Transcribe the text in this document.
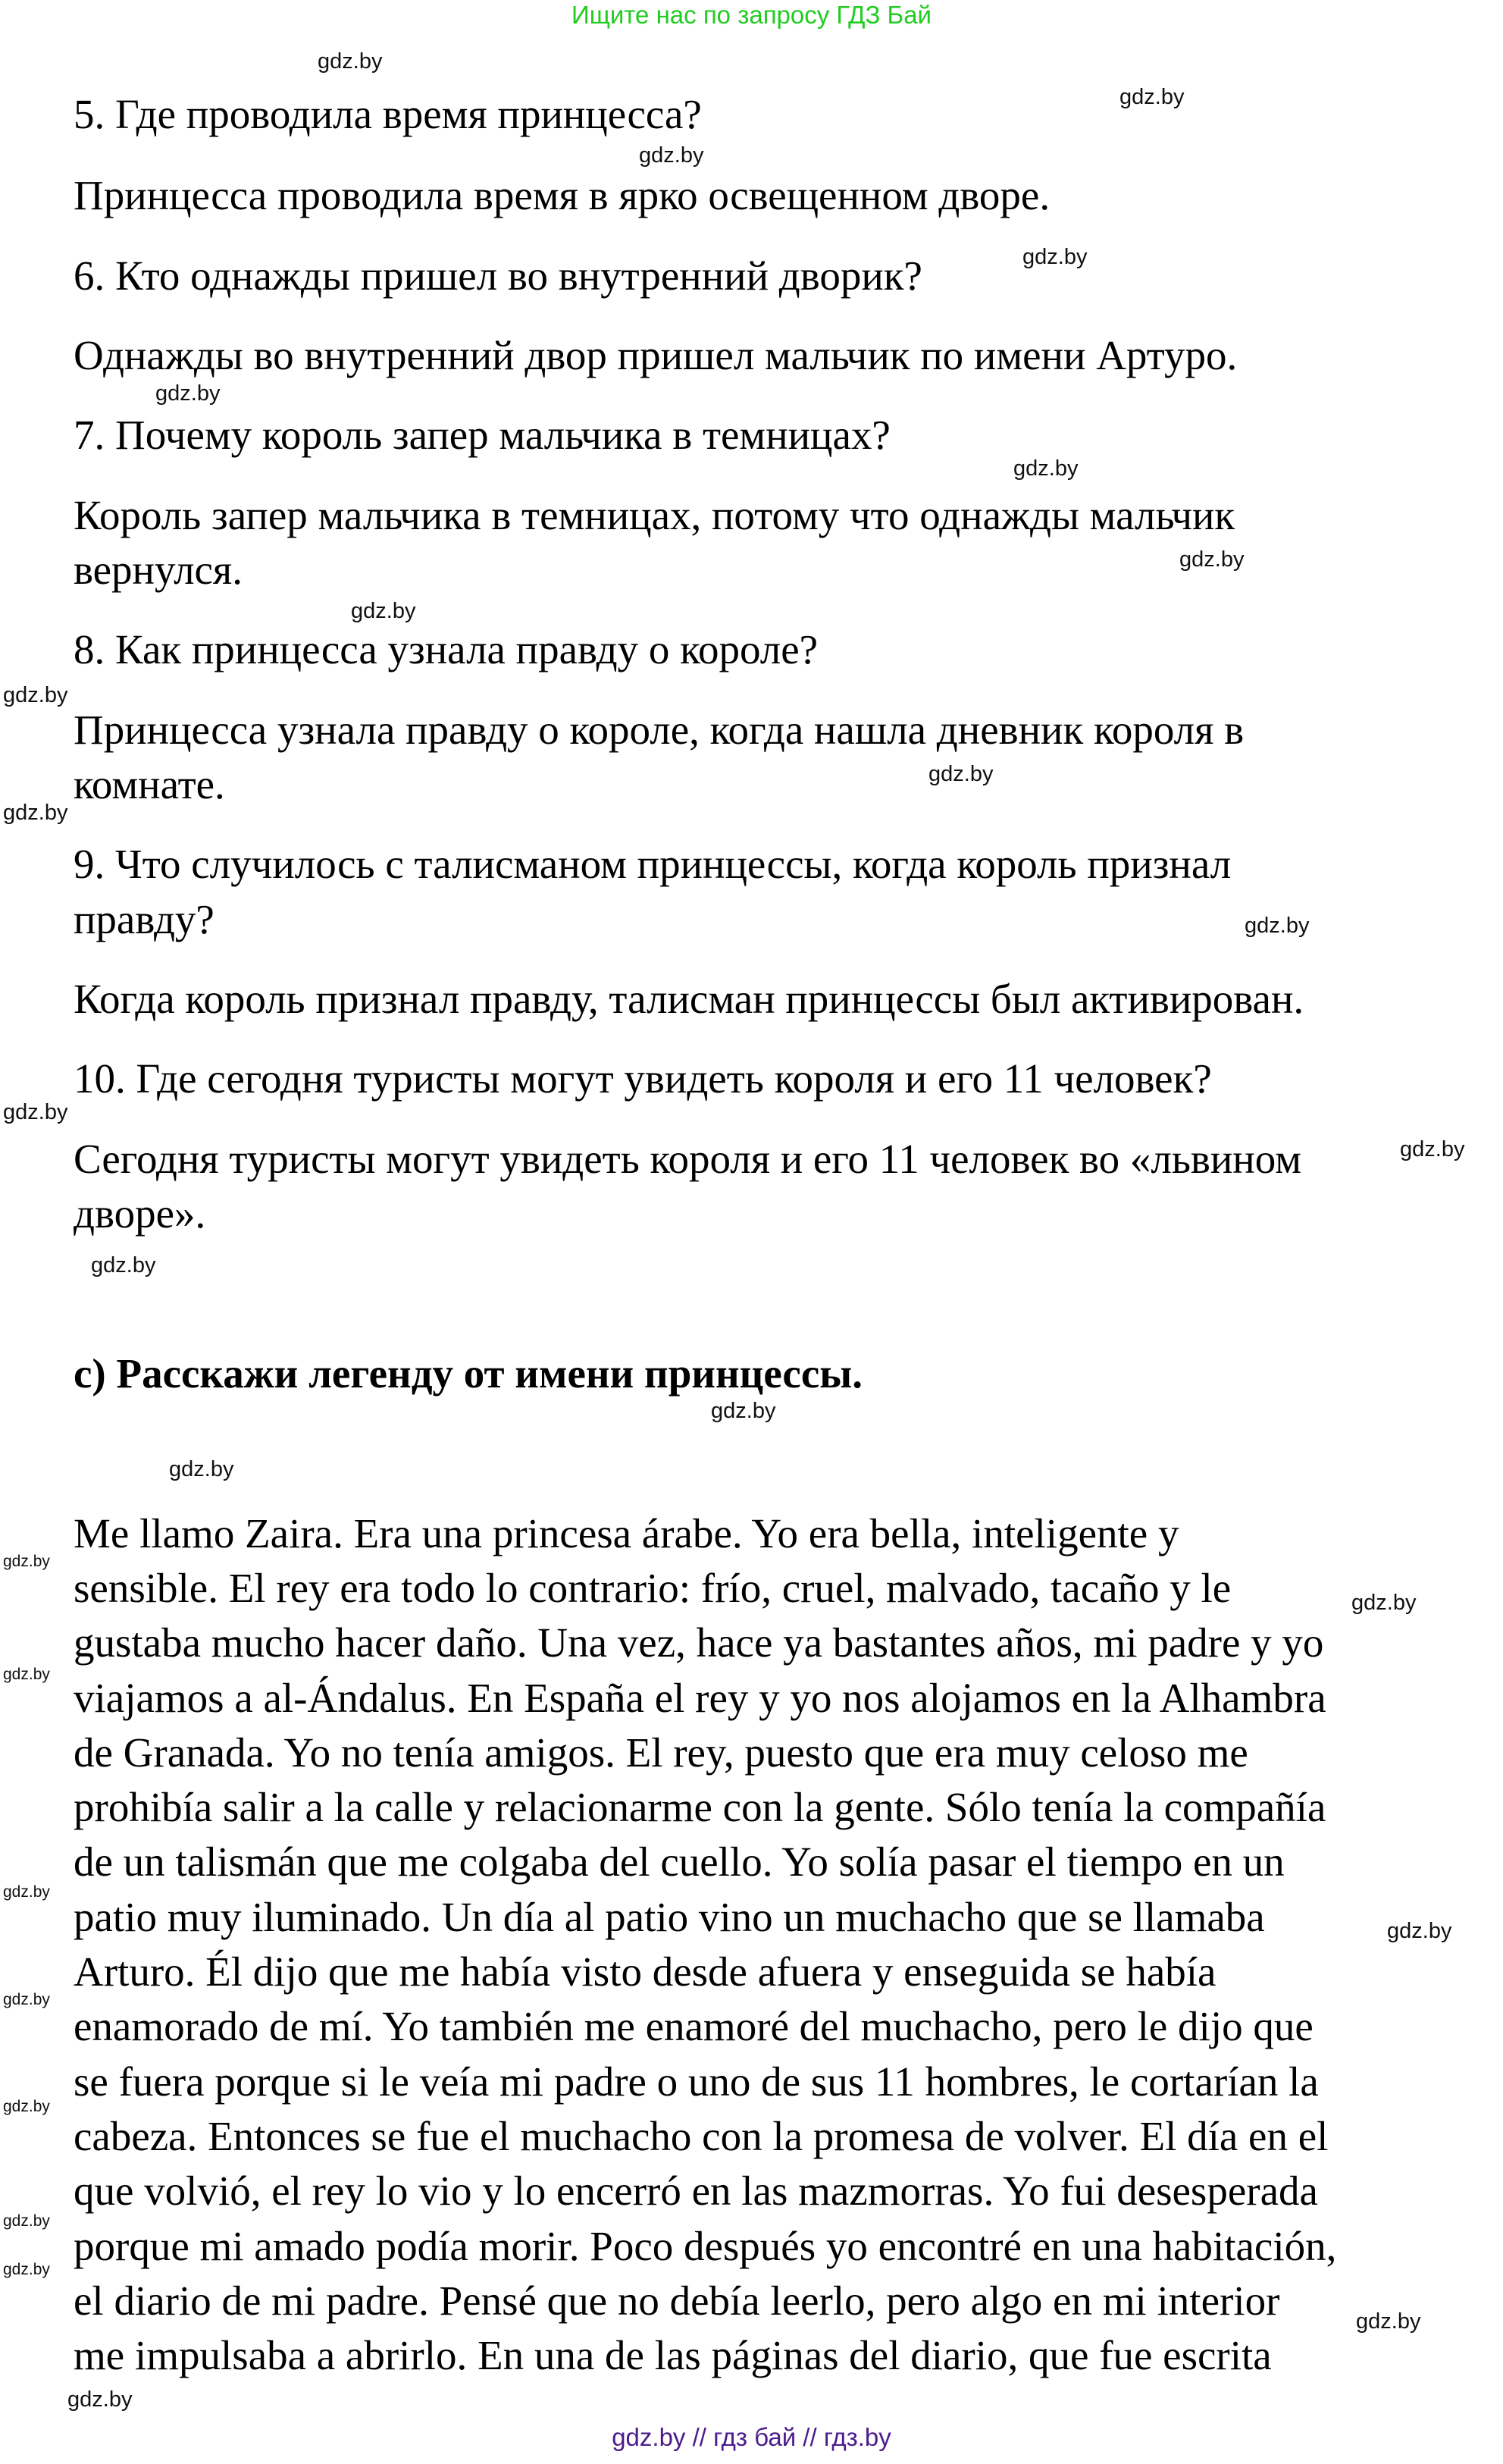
Ищите нас по запросу ГДЗ Бай
5. Где проводила время принцесса?
Принцесса проводила время в ярко освещенном дворе.
6. Кто однажды пришел во внутренний дворик?
Однажды во внутренний двор пришел мальчик по имени Артуро.
7. Почему король запер мальчика в темницах?
Король запер мальчика в темницах, потому что однажды мальчик
вернулся.
8. Как принцесса узнала правду о короле?
Принцесса узнала правду о короле, когда нашла дневник короля в
комнате.
9. Что случилось с талисманом принцессы, когда король признал
правду?
Когда король признал правду, талисман принцессы был активирован.
10. Где сегодня туристы могут увидеть короля и его 11 человек?
Сегодня туристы могут увидеть короля и его 11 человек во «львином
дворе».
c) Расскажи легенду от имени принцессы.
Me llamo Zaira. Era una princesa árabe. Yo era bella, inteligente y
sensible. El rey era todo lo contrario: frío, cruel, malvado, tacaño y le
gustaba mucho hacer daño. Una vez, hace ya bastantes años, mi padre y yo
viajamos a al-Ándalus. En España el rey y yo nos alojamos en la Alhambra
de Granada. Yo no tenía amigos. El rey, puesto que era muy celoso me
prohibía salir a la calle y relacionarme con la gente. Sólo tenía la compañía
de un talismán que me colgaba del cuello. Yo solía pasar el tiempo en un
patio muy iluminado. Un día al patio vino un muchacho que se llamaba
Arturo. Él dijo que me había visto desde afuera y enseguida se había
enamorado de mí. Yo también me enamoré del muchacho, pero le dijo que
se fuera porque si le veía mi padre o uno de sus 11 hombres, le cortarían la
cabeza. Entonces se fue el muchacho con la promesa de volver. El día en el
que volvió, el rey lo vio y lo encerró en las mazmorras. Yo fui desesperada
porque mi amado podía morir. Poco después yo encontré en una habitación,
el diario de mi padre. Pensé que no debía leerlo, pero algo en mi interior
me impulsaba a abrirlo. En una de las páginas del diario, que fue escrita
gdz.by
gdz.by
gdz.by
gdz.by
gdz.by
gdz.by
gdz.by
gdz.by
gdz.by
gdz.by
gdz.by
gdz.by
gdz.by
gdz.by
gdz.by
gdz.by
gdz.by
gdz.by
gdz.by
gdz.by
gdz.by
gdz.by
gdz.by
gdz.by
gdz.by
gdz.by
gdz.by
gdz.by
gdz.by // гдз бай // гдз.by
